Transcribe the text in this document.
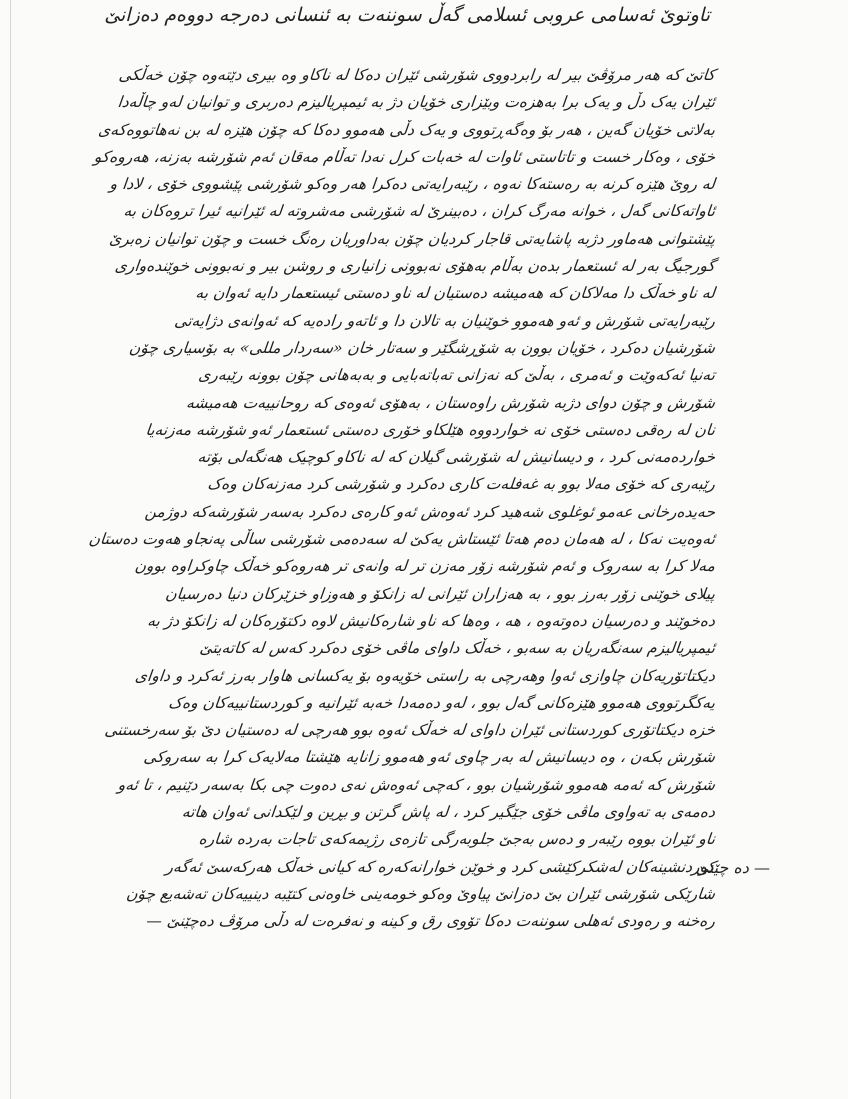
تاوتوێ ئەسامی عروبی ئسلامی گەڵ سوننەت بە ئنسانی دەرجە دووەم دەزانێ
کاتێ کە هەر مرۆڤێ بیر لە رابردووی شۆرشی ئێران دەکا لە ناکاو وە بیری دێتەوە چۆن خەڵکی
ئێران یەک دڵ و یەک برا بەهزەت وبێزاری خۆیان دژ بە ئیمپریالیزم دەربری و توانیان لەو چاڵەدا
بەلاتی خۆیان گەین ، هەر بۆ وەگەڕتووی و یەک دڵی هەموو دەکا کە چۆن هێزە لە بن نەهاتووەکەی
خۆی ، وەکار خست و تاتاستی ئاوات لە خەبات کرل نەدا تەڵام مەقان ئەم شۆرشە بەزنە، هەروەکو
لە روێ هێزە کرنە بە رەستەکا نەوە ، رێبەرایەتی دەکرا هەر وەکو شۆرشی پێشووی خۆی ، لادا و
ئاواتەکانی گەل ، خوانە مەرگ کران ، دەبینرێ لە شۆرشی مەشروتە لە ئێرانیە ئیرا تروەکان بە
پێشتوانی هەماور دژبە پاشایەتی قاجار کردیان چۆن بەداوریان رەنگ خست و چۆن توانیان زەبرێ
گورجیگ بەر لە ئستعمار بدەن بەڵام بەهۆی نەبوونی زانیاری و روشن بیر و نەبوونی خوێندەواری
لە ناو خەڵک دا مەلاکان کە هەمیشە دەستیان لە ناو دەستی ئیستعمار دایە ئەوان بە
رێبەرایەتی شۆرش و ئەو هەموو خوێنیان بە تالان دا و ئاتەو رادەیە کە ئەوانەی دژایەتی
شۆرشیان دەکرد ، خۆیان بوون بە شۆڕشگێر و سەتار خان «سەردار مللی» بە بۆسیاری چۆن
تەنیا ئەکەوێت و ئەمری ، بەڵێ کە نەزانی تەباتەبایی و بەبەهانی چۆن بوونە رێبەری
شۆرش و چۆن دوای دژبە شۆرش راوەستان ، بەهۆی ئەوەی کە روحانییەت هەمیشە
نان لە رەقی دەستی خۆی نە خواردووە هێلکاو خۆری دەستی ئستعمار ئەو شۆرشە مەزنەیا
خواردەمەنی کرد ، و دیسانیش لە شۆرشی گیلان کە لە ناکاو کوچیک هەنگەلی بۆتە
رێبەری کە خۆی مەلا بوو بە غەفلەت کاری دەکرد و شۆرشی کرد مەزنەکان وەک
حەیدەرخانی عەمو ئوغلوی شەهید کرد ئەوەش ئەو کارەی دەکرد بەسەر شۆرشەکە دوژمن
ئەوەیت نەکا ، لە هەمان دەم هەتا ئێستاش یەکێ لە سەدەمی شۆرشی ساڵی پەنجاو هەوت دەستان
مەلا کرا بە سەروک و ئەم شۆرشە زۆر مەزن تر لە وانەی تر هەروەکو خەڵک چاوکراوە بوون
پیلای خوێنی زۆر بەرز بوو ، بە هەزاران ئێرانی لە زانکۆ و هەوزاو خزێرکان دنیا دەرسیان
دەخوێند و دەرسیان دەوتەوە ، هە ، وەها کە ناو شارەکانیش لاوە دکتۆرەکان لە زانکۆ دژ بە
ئیمپریالیزم سەنگەریان بە سەبو ، خەڵک داوای ماڤی خۆی دەکرد کەس لە کاتەیتێ
دیکتاتۆریەکان چاوازی ئەوا وهەرچی بە راستی خۆیەوە بۆ یەکسانی هاوار بەرز ئەکرد و داوای
یەکگرتووی هەموو هێزەکانی گەل بوو ، لەو دەمەدا خەبە ئێرانیە و کوردستانییەکان وەک
خزە دیکتاتۆری کوردستانی ئێران داوای لە خەڵک ئەوە بوو هەرچی لە دەستیان دێ بۆ سەرخستنی
شۆرش بکەن ، وە دیسانیش لە بەر چاوی ئەو هەموو زانایە هێشتا مەلایەک کرا بە سەروکی
شۆرش کە ئەمە هەموو شۆرشیان بوو ، کەچی ئەوەش نەی دەوت چی بکا بەسەر دێنیم ، تا ئەو
دەمەی بە تەواوی ماڤی خۆی جێگیر کرد ، لە پاش گرتن و بڕین و لێکدانی ئەوان هاتە
ناو ئێران بووە رێبەر و دەس بەجێ جلوبەرگی تازەی رژیمەکەی تاجات بەردە شارە
کوردنشینەکان لەشکرکێشی کرد و خوێن خوارانەکەرە کە کیانی خەڵک هەرکەسێ ئەگەر
شارێکی شۆرشی ئێران بێ دەزانێ پیاوێ وەکو خومەینی خاوەنی کتێبە دینییەکان تەشەیع چۆن
رەخنە و رەودی ئەهلی سوننەت دەکا تۆوی رق و کینە و نەفرەت لە دڵی مرۆڤ دەچێنێ —
— دە چێنێ
